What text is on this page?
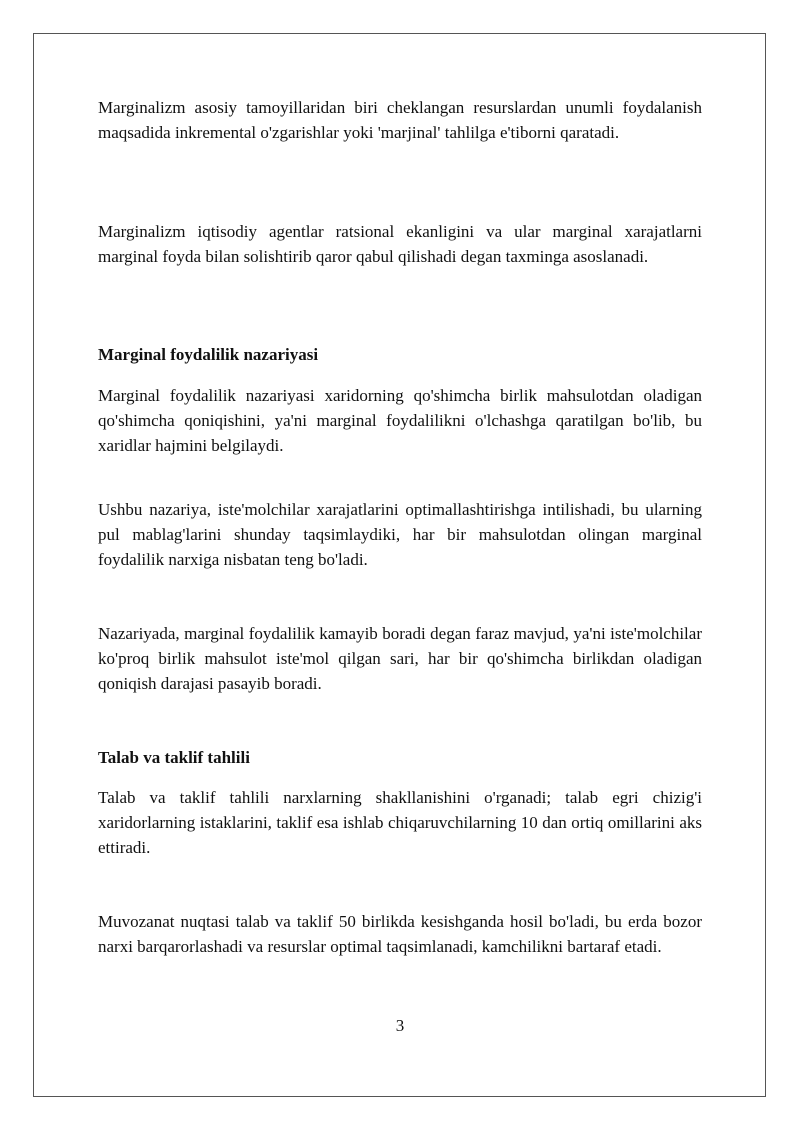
Marginalizm asosiy tamoyillaridan biri cheklangan resurslardan unumli foydalanish maqsadida inkremental o'zgarishlar yoki 'marjinal' tahlilga e'tiborni qaratadi.

Marginalizm iqtisodiy agentlar ratsional ekanligini va ular marginal xarajatlarni marginal foyda bilan solishtirib qaror qabul qilishadi degan taxminga asoslanadi.

Marginal foydalilik nazariyasi

Marginal foydalilik nazariyasi xaridorning qo'shimcha birlik mahsulotdan oladigan qo'shimcha qoniqishini, ya'ni marginal foydalilikni o'lchashga qaratilgan bo'lib, bu xaridlar hajmini belgilaydi.

Ushbu nazariya, iste'molchilar xarajatlarini optimallashtirishga intilishadi, bu ularning pul mablag'larini shunday taqsimlaydiki, har bir mahsulotdan olingan marginal foydalilik narxiga nisbatan teng bo'ladi.

Nazariyada, marginal foydalilik kamayib boradi degan faraz mavjud, ya'ni iste'molchilar ko'proq birlik mahsulot iste'mol qilgan sari, har bir qo'shimcha birlikdan oladigan qoniqish darajasi pasayib boradi.

Talab va taklif tahlili

Talab va taklif tahlili narxlarning shakllanishini o'rganadi; talab egri chizig'i xaridorlarning istaklarini, taklif esa ishlab chiqaruvchilarning 10 dan ortiq omillarini aks ettiradi.

Muvozanat nuqtasi talab va taklif 50 birlikda kesishganda hosil bo'ladi, bu erda bozor narxi barqarorlashadi va resurslar optimal taqsimlanadi, kamchilikni bartaraf etadi.

3
